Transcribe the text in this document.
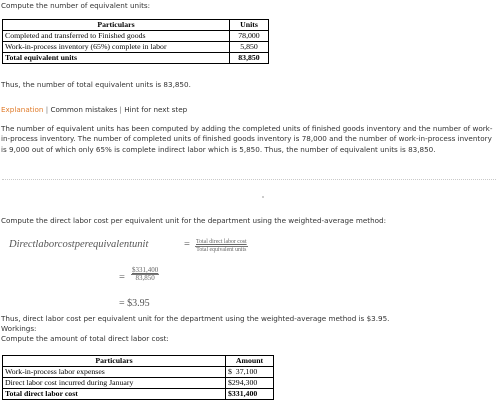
Compute the number of equivalent units:
Particulars	Units
Completed and transferred to Finished goods	78,000
Work-in-process inventory (65%) complete in labor	5,850
Total equivalent units	83,850
Thus, the number of total equivalent units is 83,850.
Explanation | Common mistakes | Hint for next step
The number of equivalent units has been computed by adding the completed units of finished goods inventory and the number of work-in-process inventory. The number of completed units of finished goods inventory is 78,000 and the number of work-in-process inventory is 9,000 out of which only 65% is complete indirect labor which is 5,850. Thus, the number of equivalent units is 83,850.
Compute the direct labor cost per equivalent unit for the department using the weighted-average method:
Directlaborcostperequivalentunit	= Total direct labor cost
Total equivalent units
= $\frac{\$331,400}{83,850}$
= $3.95
Thus, direct labor cost per equivalent unit for the department using the weighted-average method is $3.95.
Workings:
Compute the amount of total direct labor cost:
Particulars	Amount
Work-in-process labor expenses	$  37,100
Direct labor cost incurred during January	$294,300
Total direct labor cost	$331,400
